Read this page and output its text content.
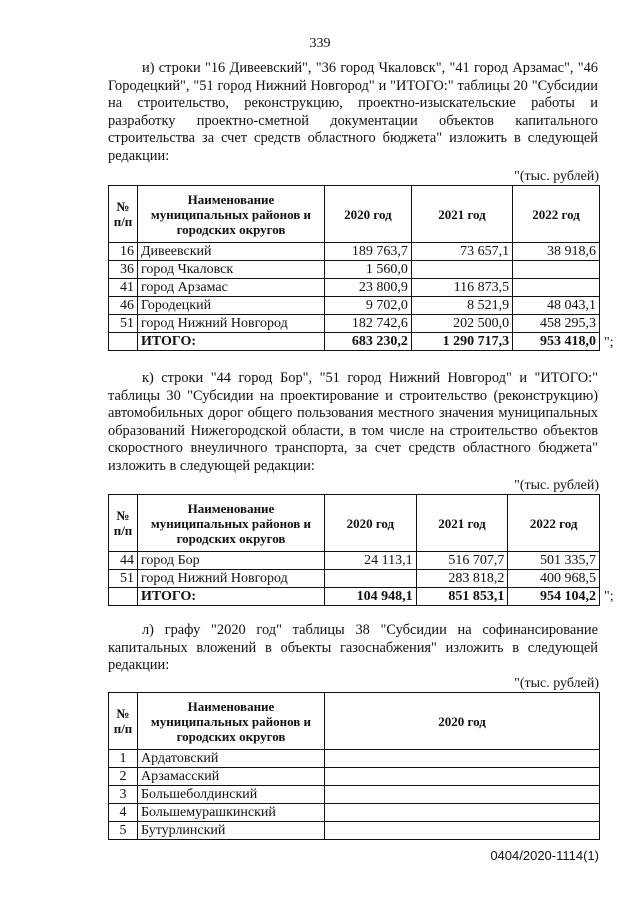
339

и) строки "16 Дивеевский", "36 город Чкаловск", "41 город Арзамас", "46 Городецкий", "51 город Нижний Новгород" и "ИТОГО:" таблицы 20 "Субсидии на строительство, реконструкцию, проектно-изыскательские работы и разработку проектно-сметной документации объектов капитального строительства за счет средств областного бюджета" изложить в следующей редакции:

"(тыс. рублей)
№ п/п	Наименование муниципальных районов и городских округов	2020 год	2021 год	2022 год
16	Дивеевский	189 763,7	73 657,1	38 918,6
36	город Чкаловск	1 560,0		
41	город Арзамас	23 800,9	116 873,5	
46	Городецкий	9 702,0	8 521,9	48 043,1
51	город Нижний Новгород	182 742,6	202 500,0	458 295,3
	ИТОГО:	683 230,2	1 290 717,3	953 418,0 ";

к) строки "44 город Бор", "51 город Нижний Новгород" и "ИТОГО:" таблицы 30 "Субсидии на проектирование и строительство (реконструкцию) автомобильных дорог общего пользования местного значения муниципальных образований Нижегородской области, в том числе на строительство объектов скоростного внеуличного транспорта, за счет средств областного бюджета" изложить в следующей редакции:

"(тыс. рублей)
№ п/п	Наименование муниципальных районов и городских округов	2020 год	2021 год	2022 год
44	город Бор	24 113,1	516 707,7	501 335,7
51	город Нижний Новгород		283 818,2	400 968,5
	ИТОГО:	104 948,1	851 853,1	954 104,2 ";

л) графу "2020 год" таблицы 38 "Субсидии на софинансирование капитальных вложений в объекты газоснабжения" изложить в следующей редакции:

"(тыс. рублей)
№ п/п	Наименование муниципальных районов и городских округов	2020 год
1	Ардатовский	
2	Арзамасский	
3	Большеболдинский	
4	Большемурашкинский	
5	Бутурлинский	
0404/2020-1114(1)
